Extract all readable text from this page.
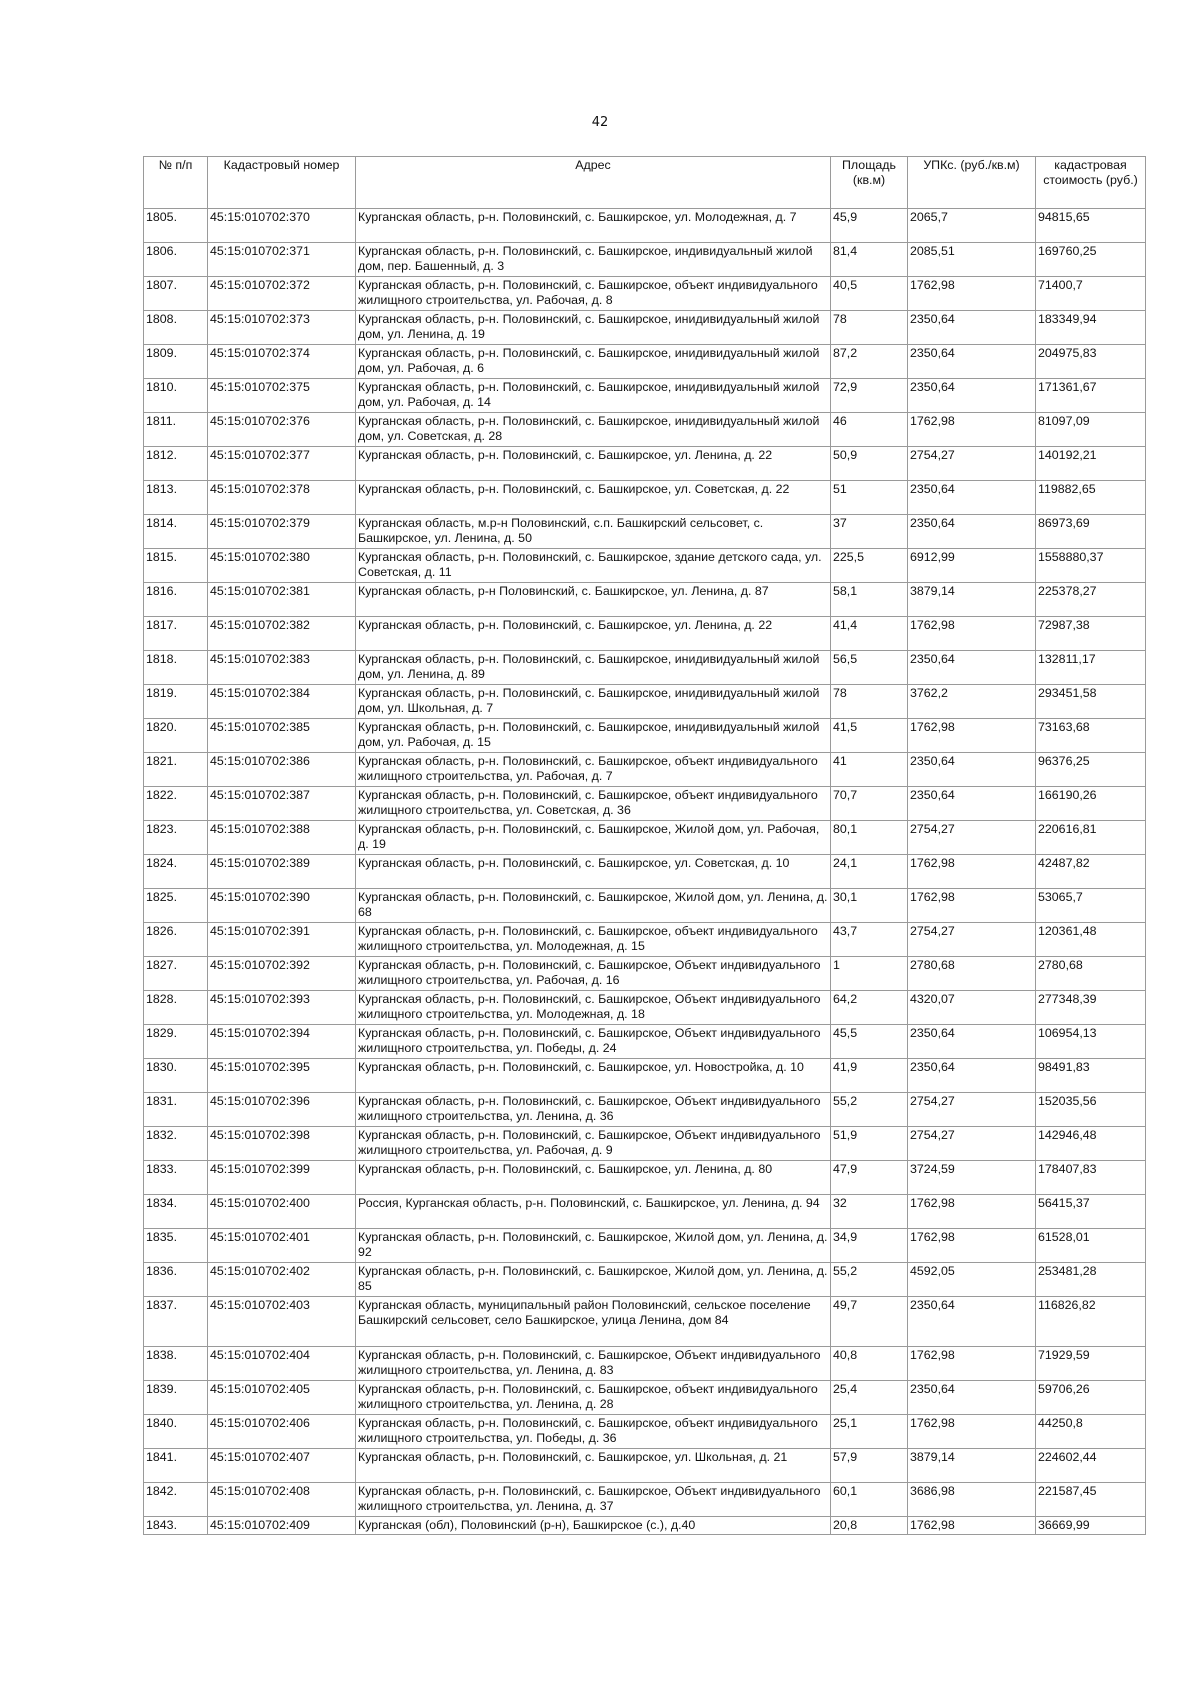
42
№ п/п	Кадастровый номер	Адрес	Площадь (кв.м)	УПКс. (руб./кв.м)	кадастровая стоимость (руб.)
1805.	45:15:010702:370	Курганская область, р-н. Половинский, с. Башкирское, ул. Молодежная, д. 7	45,9	2065,7	94815,65
1806.	45:15:010702:371	Курганская область, р-н. Половинский, с. Башкирское, индивидуальный жилой дом, пер. Башенный, д. 3	81,4	2085,51	169760,25
1807.	45:15:010702:372	Курганская область, р-н. Половинский, с. Башкирское, объект индивидуального жилищного строительства, ул. Рабочая, д. 8	40,5	1762,98	71400,7
1808.	45:15:010702:373	Курганская область, р-н. Половинский, с. Башкирское, инидивидуальный жилой дом, ул. Ленина, д. 19	78	2350,64	183349,94
1809.	45:15:010702:374	Курганская область, р-н. Половинский, с. Башкирское, инидивидуальный жилой дом, ул. Рабочая, д. 6	87,2	2350,64	204975,83
1810.	45:15:010702:375	Курганская область, р-н. Половинский, с. Башкирское, инидивидуальный жилой дом, ул. Рабочая, д. 14	72,9	2350,64	171361,67
1811.	45:15:010702:376	Курганская область, р-н. Половинский, с. Башкирское, инидивидуальный жилой дом, ул. Советская, д. 28	46	1762,98	81097,09
1812.	45:15:010702:377	Курганская область, р-н. Половинский, с. Башкирское, ул. Ленина, д. 22	50,9	2754,27	140192,21
1813.	45:15:010702:378	Курганская область, р-н. Половинский, с. Башкирское, ул. Советская, д. 22	51	2350,64	119882,65
1814.	45:15:010702:379	Курганская область, м.р-н Половинский, с.п. Башкирский сельсовет, с. Башкирское, ул. Ленина, д. 50	37	2350,64	86973,69
1815.	45:15:010702:380	Курганская область, р-н. Половинский, с. Башкирское, здание детского сада, ул. Советская, д. 11	225,5	6912,99	1558880,37
1816.	45:15:010702:381	Курганская область, р-н Половинский, с. Башкирское, ул. Ленина, д. 87	58,1	3879,14	225378,27
1817.	45:15:010702:382	Курганская область, р-н. Половинский, с. Башкирское, ул. Ленина, д. 22	41,4	1762,98	72987,38
1818.	45:15:010702:383	Курганская область, р-н. Половинский, с. Башкирское, инидивидуальный жилой дом, ул. Ленина, д. 89	56,5	2350,64	132811,17
1819.	45:15:010702:384	Курганская область, р-н. Половинский, с. Башкирское, инидивидуальный жилой дом, ул. Школьная, д. 7	78	3762,2	293451,58
1820.	45:15:010702:385	Курганская область, р-н. Половинский, с. Башкирское, инидивидуальный жилой дом, ул. Рабочая, д. 15	41,5	1762,98	73163,68
1821.	45:15:010702:386	Курганская область, р-н. Половинский, с. Башкирское, объект индивидуального жилищного строительства, ул. Рабочая, д. 7	41	2350,64	96376,25
1822.	45:15:010702:387	Курганская область, р-н. Половинский, с. Башкирское, объект индивидуального жилищного строительства, ул. Советская, д. 36	70,7	2350,64	166190,26
1823.	45:15:010702:388	Курганская область, р-н. Половинский, с. Башкирское, Жилой дом, ул. Рабочая, д. 19	80,1	2754,27	220616,81
1824.	45:15:010702:389	Курганская область, р-н. Половинский, с. Башкирское, ул. Советская, д. 10	24,1	1762,98	42487,82
1825.	45:15:010702:390	Курганская область, р-н. Половинский, с. Башкирское, Жилой дом, ул. Ленина, д. 68	30,1	1762,98	53065,7
1826.	45:15:010702:391	Курганская область, р-н. Половинский, с. Башкирское, объект индивидуального жилищного строительства, ул. Молодежная, д. 15	43,7	2754,27	120361,48
1827.	45:15:010702:392	Курганская область, р-н. Половинский, с. Башкирское, Объект индивидуального жилищного строительства, ул. Рабочая, д. 16	1	2780,68	2780,68
1828.	45:15:010702:393	Курганская область, р-н. Половинский, с. Башкирское, Объект индивидуального жилищного строительства, ул. Молодежная, д. 18	64,2	4320,07	277348,39
1829.	45:15:010702:394	Курганская область, р-н. Половинский, с. Башкирское, Объект индивидуального жилищного строительства, ул. Победы, д. 24	45,5	2350,64	106954,13
1830.	45:15:010702:395	Курганская область, р-н. Половинский, с. Башкирское, ул. Новостройка, д. 10	41,9	2350,64	98491,83
1831.	45:15:010702:396	Курганская область, р-н. Половинский, с. Башкирское, Объект индивидуального жилищного строительства, ул. Ленина, д. 36	55,2	2754,27	152035,56
1832.	45:15:010702:398	Курганская область, р-н. Половинский, с. Башкирское, Объект индивидуального жилищного строительства, ул. Рабочая, д. 9	51,9	2754,27	142946,48
1833.	45:15:010702:399	Курганская область, р-н. Половинский, с. Башкирское, ул. Ленина, д. 80	47,9	3724,59	178407,83
1834.	45:15:010702:400	Россия, Курганская область, р-н. Половинский, с. Башкирское, ул. Ленина, д. 94	32	1762,98	56415,37
1835.	45:15:010702:401	Курганская область, р-н. Половинский, с. Башкирское, Жилой дом, ул. Ленина, д. 92	34,9	1762,98	61528,01
1836.	45:15:010702:402	Курганская область, р-н. Половинский, с. Башкирское, Жилой дом, ул. Ленина, д. 85	55,2	4592,05	253481,28
1837.	45:15:010702:403	Курганская область, муниципальный район Половинский, сельское поселение Башкирский сельсовет, село Башкирское, улица Ленина, дом 84	49,7	2350,64	116826,82
1838.	45:15:010702:404	Курганская область, р-н. Половинский, с. Башкирское, Объект индивидуального жилищного строительства, ул. Ленина, д. 83	40,8	1762,98	71929,59
1839.	45:15:010702:405	Курганская область, р-н. Половинский, с. Башкирское, объект индивидуального жилищного строительства, ул. Ленина, д. 28	25,4	2350,64	59706,26
1840.	45:15:010702:406	Курганская область, р-н. Половинский, с. Башкирское, объект индивидуального жилищного строительства, ул. Победы, д. 36	25,1	1762,98	44250,8
1841.	45:15:010702:407	Курганская область, р-н. Половинский, с. Башкирское, ул. Школьная, д. 21	57,9	3879,14	224602,44
1842.	45:15:010702:408	Курганская область, р-н. Половинский, с. Башкирское, Объект индивидуального жилищного строительства, ул. Ленина, д. 37	60,1	3686,98	221587,45
1843.	45:15:010702:409	Курганская (обл), Половинский (р-н), Башкирское (с.), д.40	20,8	1762,98	36669,99
